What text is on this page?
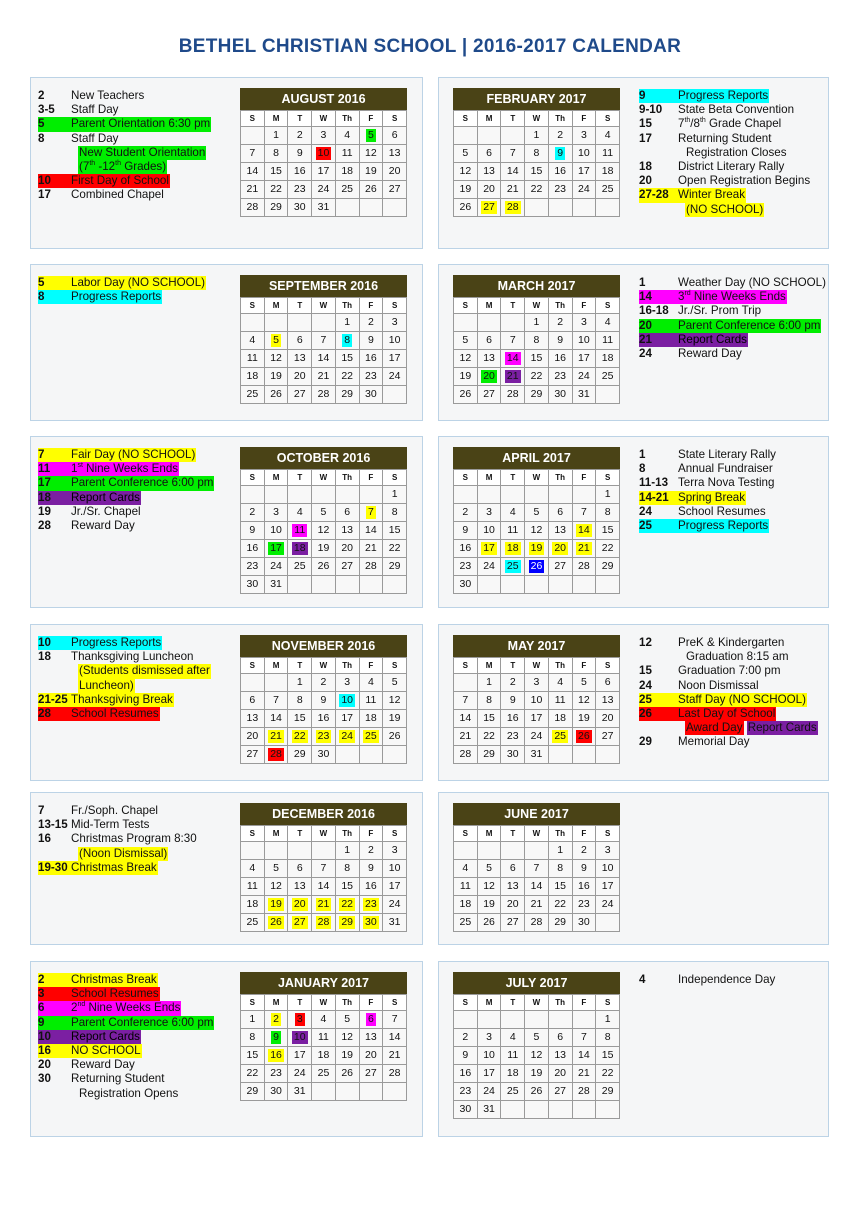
BETHEL CHRISTIAN SCHOOL | 2016-2017 CALENDAR
2 New Teachers
3-5 Staff Day
5 Parent Orientation 6:30 pm
8 Staff Day
New Student Orientation
(7th -12th Grades)
10 First Day of School
17 Combined Chapel
AUGUST 2016
S	M	T	W	Th	F	S
	1	2	3	4	5	6
7	8	9	10	11	12	13
14	15	16	17	18	19	20
21	22	23	24	25	26	27
28	29	30	31			
FEBRUARY 2017
S	M	T	W	Th	F	S
			1	2	3	4
5	6	7	8	9	10	11
12	13	14	15	16	17	18
19	20	21	22	23	24	25
26	27	28				
9	Progress Reports
9-10 State Beta Convention
15 7th/8th Grade Chapel
17 Returning Student
Registration Closes
18 District Literary Rally
20 Open Registration Begins
27-28 Winter Break
(NO SCHOOL)
5 Labor Day (NO SCHOOL)
8 Progress Reports
SEPTEMBER 2016
S	M	T	W	Th	F	S
				1	2	3
4	5	6	7	8	9	10
11	12	13	14	15	16	17
18	19	20	21	22	23	24
25	26	27	28	29	30	
MARCH 2017
S	M	T	W	Th	F	S
			1	2	3	4
5	6	7	8	9	10	11
12	13	14	15	16	17	18
19	20	21	22	23	24	25
26	27	28	29	30	31	
1	Weather Day (NO SCHOOL)
14 3rd Nine Weeks Ends
16-18 Jr./Sr. Prom Trip
20 Parent Conference 6:00 pm
21 Report Cards
24 Reward Day
7 Fair Day (NO SCHOOL)
11 1st Nine Weeks Ends
17 Parent Conference 6:00 pm
18 Report Cards
19 Jr./Sr. Chapel
28 Reward Day
OCTOBER 2016
S	M	T	W	Th	F	S
						1
2	3	4	5	6	7	8
9	10	11	12	13	14	15
16	17	18	19	20	21	22
23	24	25	26	27	28	29
30	31					
APRIL 2017
S	M	T	W	Th	F	S
						1
2	3	4	5	6	7	8
9	10	11	12	13	14	15
16	17	18	19	20	21	22
23	24	25	26	27	28	29
30						
1	State Literary Rally
8	Annual Fundraiser
11-13 Terra Nova Testing
14-21 Spring Break
24 School Resumes
25 Progress Reports
10 Progress Reports
18 Thanksgiving Luncheon
(Students dismissed after
Luncheon)
21-25 Thanksgiving Break
28 School Resumes
NOVEMBER 2016
S	M	T	W	Th	F	S
		1	2	3	4	5
6	7	8	9	10	11	12
13	14	15	16	17	18	19
20	21	22	23	24	25	26
27	28	29	30			
MAY 2017
S	M	T	W	Th	F	S
	1	2	3	4	5	6
7	8	9	10	11	12	13
14	15	16	17	18	19	20
21	22	23	24	25	26	27
28	29	30	31			
12 PreK & Kindergarten
Graduation 8:15 am
15 Graduation 7:00 pm
24 Noon Dismissal
25 Staff Day (NO SCHOOL)
26 Last Day of School
Award Day Report Cards
29 Memorial Day
7 Fr./Soph. Chapel
13-15 Mid-Term Tests
16 Christmas Program 8:30
(Noon Dismissal)
19-30 Christmas Break
DECEMBER 2016
S	M	T	W	Th	F	S
				1	2	3
4	5	6	7	8	9	10
11	12	13	14	15	16	17
18	19	20	21	22	23	24
25	26	27	28	29	30	31
JUNE 2017
S	M	T	W	Th	F	S
				1	2	3
4	5	6	7	8	9	10
11	12	13	14	15	16	17
18	19	20	21	22	23	24
25	26	27	28	29	30	
2 Christmas Break
3 School Resumes
6 2nd Nine Weeks Ends
9 Parent Conference 6:00 pm
10 Report Cards
16 NO SCHOOL
20 Reward Day
30 Returning Student
Registration Opens
JANUARY 2017
S	M	T	W	Th	F	S
1	2	3	4	5	6	7
8	9	10	11	12	13	14
15	16	17	18	19	20	21
22	23	24	25	26	27	28
29	30	31				
JULY 2017
S	M	T	W	Th	F	S
						1
2	3	4	5	6	7	8
9	10	11	12	13	14	15
16	17	18	19	20	21	22
23	24	25	26	27	28	29
30	31					
4	Independence Day
